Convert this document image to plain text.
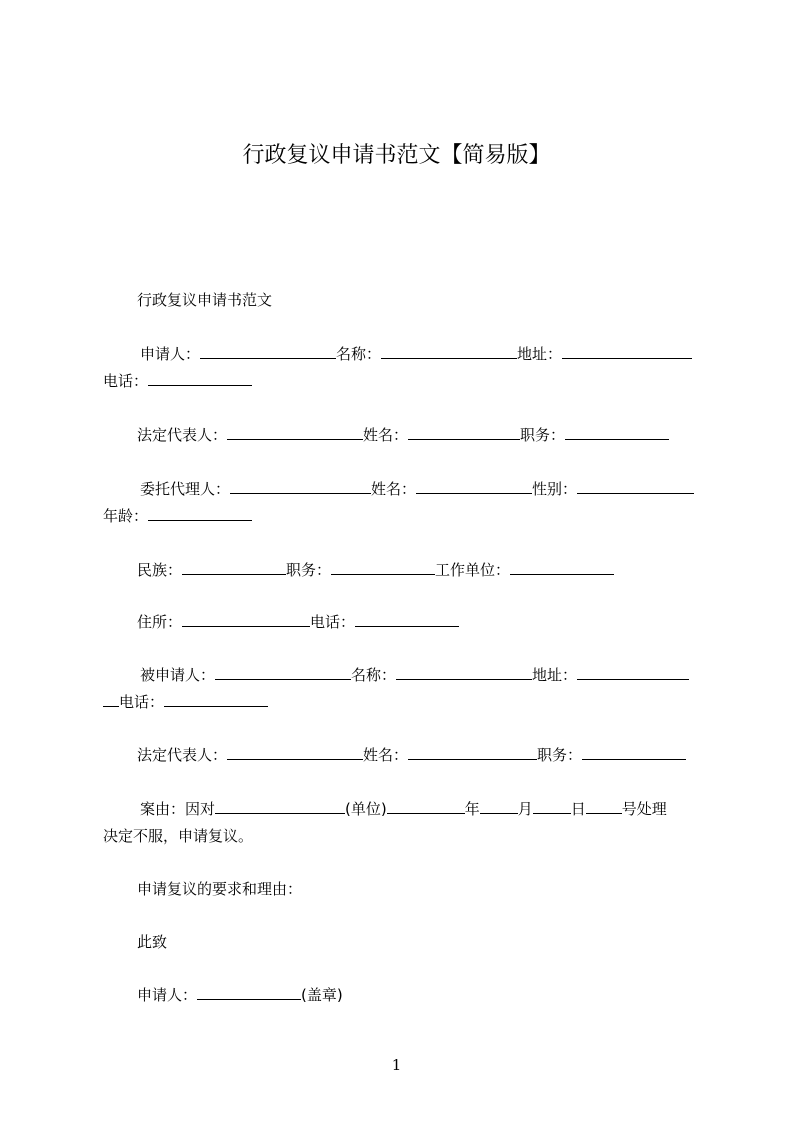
行政复议申请书范文【简易版】
行政复议申请书范文
申请人：	名称：	地址：
电话：
法定代表人：	姓名：	职务：
委托代理人：	姓名：	性别：
年龄：
民族：	职务：	工作单位：
住所：	电话：
被申请人：	名称：	地址：
电话：
法定代表人：	姓名：	职务：
案由：因对	(单位)	年	月	日 号处理
决定不服，申请复议。
申请复议的要求和理由：
此致
申请人：	(盖章)
1
